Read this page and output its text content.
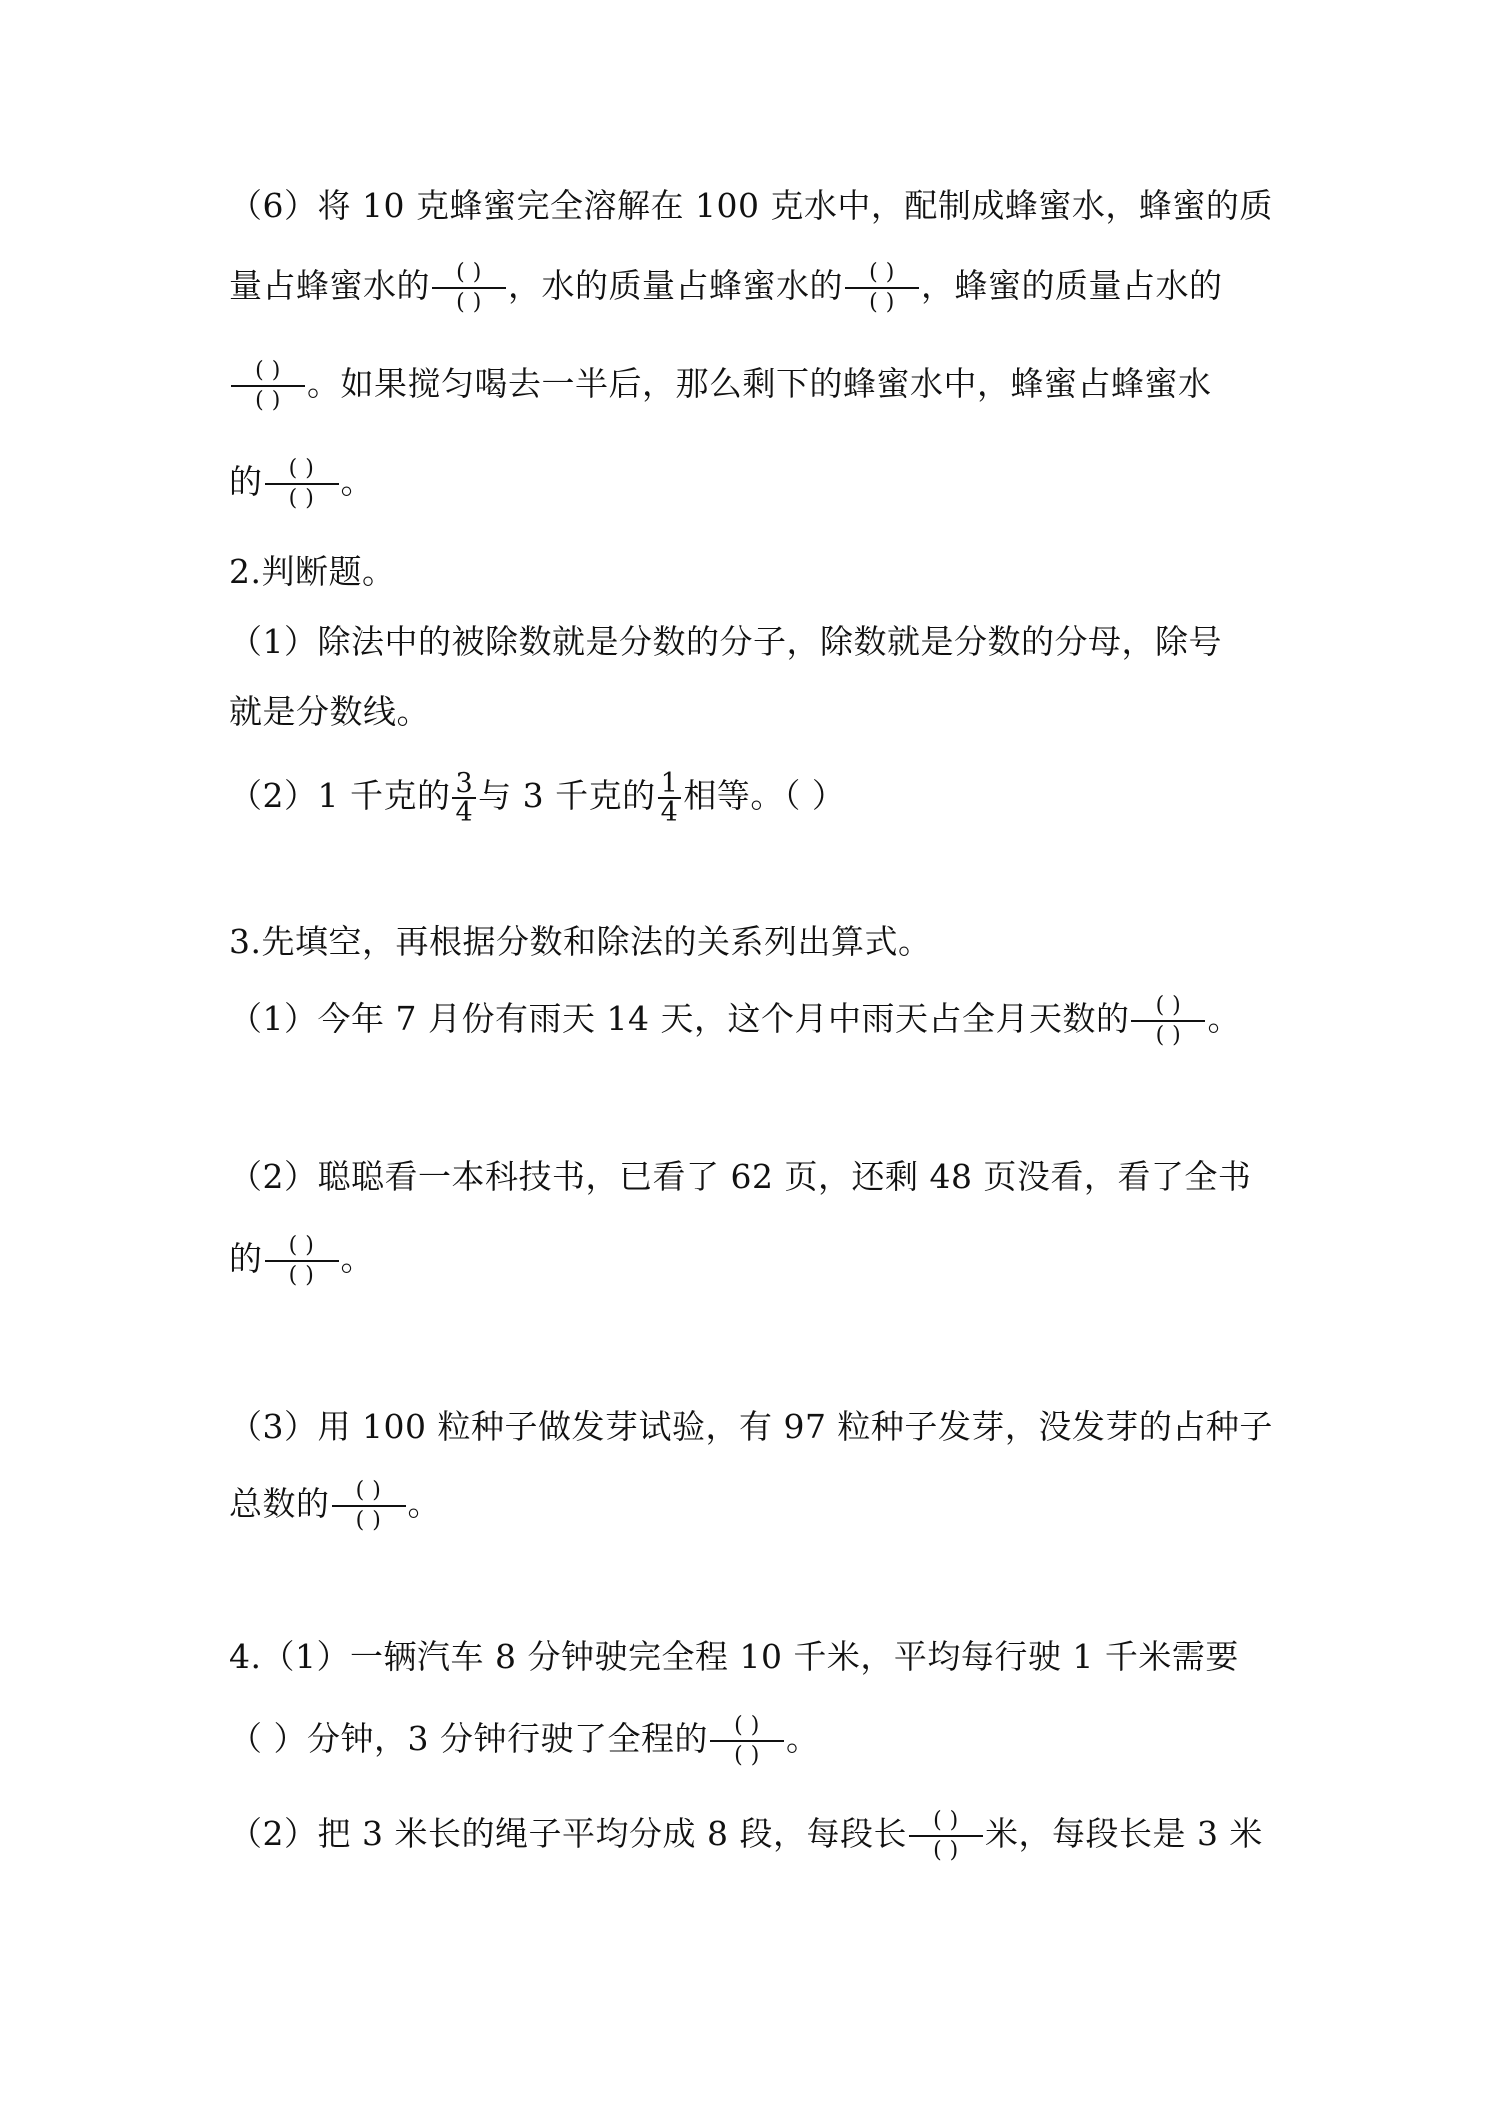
（6）将 10 克蜂蜜完全溶解在 100 克水中，配制成蜂蜜水，蜂蜜的质
量占蜂蜜水的 $\frac{( )}{( )}$ ，水的质量占蜂蜜水的 $\frac{( )}{( )}$ ，蜂蜜的质量占水的
$\frac{( )}{( )}$ 。如果搅匀喝去一半后，那么剩下的蜂蜜水中，蜂蜜占蜂蜜水
的 $\frac{( )}{( )}$ 。
2.判断题。
（1）除法中的被除数就是分数的分子，除数就是分数的分母，除号
就是分数线。
（2）1 千克的 $\frac{3}{4}$ 与 3 千克的 $\frac{1}{4}$ 相等。（ ）
3.先填空，再根据分数和除法的关系列出算式。
（1）今年 7 月份有雨天 14 天，这个月中雨天占全月天数的 $\frac{( )}{( )}$ 。
（2）聪聪看一本科技书，已看了 62 页，还剩 48 页没看，看了全书
的 $\frac{( )}{( )}$ 。
（3）用 100 粒种子做发芽试验，有 97 粒种子发芽，没发芽的占种子
总数的 $\frac{( )}{( )}$ 。
4.（1）一辆汽车 8 分钟驶完全程 10 千米，平均每行驶 1 千米需要
（ ）分钟，3 分钟行驶了全程的 $\frac{( )}{( )}$ 。
（2）把 3 米长的绳子平均分成 8 段，每段长 $\frac{( )}{( )}$ 米，每段长是 3 米
